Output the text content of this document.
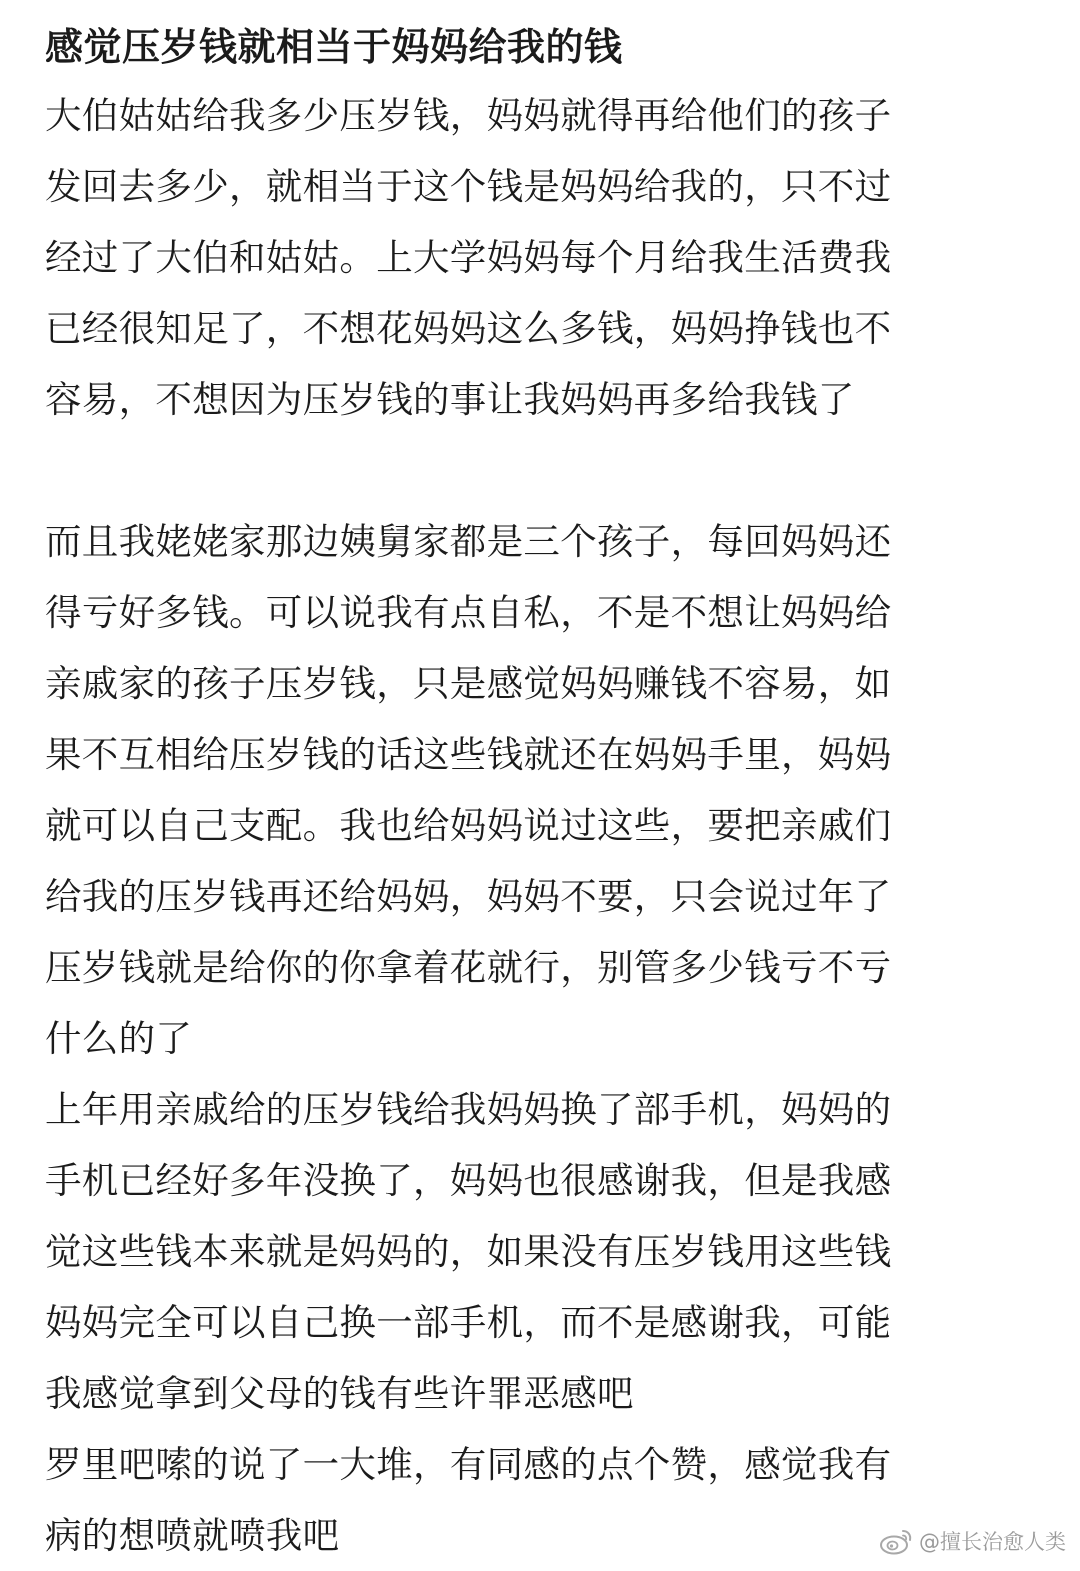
感觉压岁钱就相当于妈妈给我的钱
大伯姑姑给我多少压岁钱，妈妈就得再给他们的孩子
发回去多少，就相当于这个钱是妈妈给我的，只不过
经过了大伯和姑姑。上大学妈妈每个月给我生活费我
已经很知足了，不想花妈妈这么多钱，妈妈挣钱也不
容易，不想因为压岁钱的事让我妈妈再多给我钱了
而且我姥姥家那边姨舅家都是三个孩子，每回妈妈还
得亏好多钱。可以说我有点自私，不是不想让妈妈给
亲戚家的孩子压岁钱，只是感觉妈妈赚钱不容易，如
果不互相给压岁钱的话这些钱就还在妈妈手里，妈妈
就可以自己支配。我也给妈妈说过这些，要把亲戚们
给我的压岁钱再还给妈妈，妈妈不要，只会说过年了
压岁钱就是给你的你拿着花就行，别管多少钱亏不亏
什么的了
上年用亲戚给的压岁钱给我妈妈换了部手机，妈妈的
手机已经好多年没换了，妈妈也很感谢我，但是我感
觉这些钱本来就是妈妈的，如果没有压岁钱用这些钱
妈妈完全可以自己换一部手机，而不是感谢我，可能
我感觉拿到父母的钱有些许罪恶感吧
罗里吧嗦的说了一大堆，有同感的点个赞，感觉我有
病的想喷就喷我吧	@擅长治愈人类
